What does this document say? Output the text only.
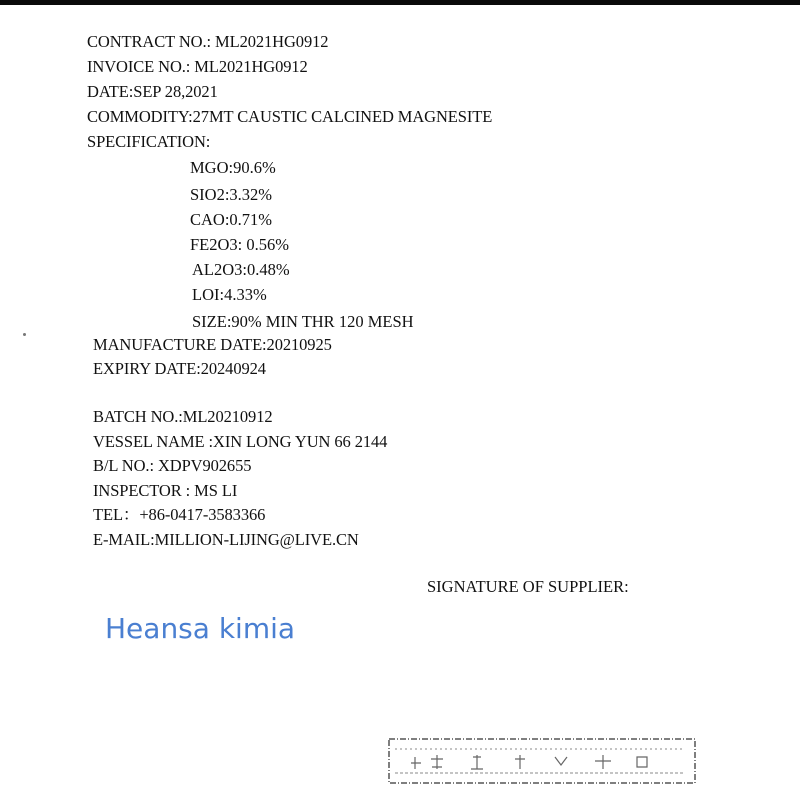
CONTRACT NO.: ML2021HG0912
INVOICE NO.: ML2021HG0912
DATE:SEP 28,2021
COMMODITY:27MT CAUSTIC CALCINED MAGNESITE
SPECIFICATION:
MGO:90.6%
SIO2:3.32%
CAO:0.71%
FE2O3: 0.56%
AL2O3:0.48%
LOI:4.33%
SIZE:90% MIN THR 120 MESH
MANUFACTURE DATE:20210925
EXPIRY DATE:20240924
BATCH NO.:ML20210912
VESSEL NAME :XIN LONG YUN 66 2144
B/L NO.: XDPV902655
INSPECTOR : MS LI
TEL：+86-0417-3583366
E-MAIL:MILLION-LIJING@LIVE.CN
SIGNATURE OF SUPPLIER:
Heansa kimia
